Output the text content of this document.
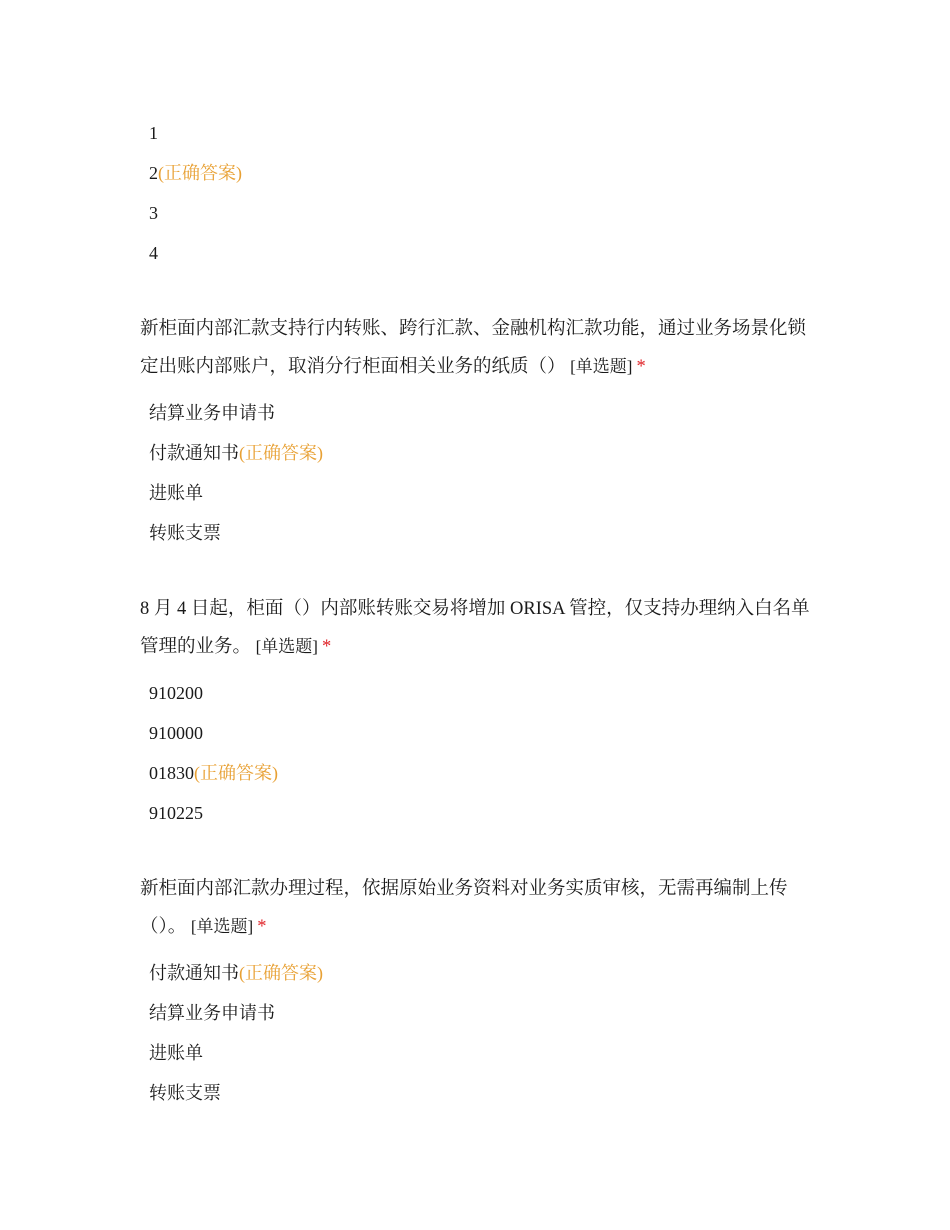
1
2(正确答案)
3
4

新柜面内部汇款支持行内转账、跨行汇款、金融机构汇款功能，通过业务场景化锁定出账内部账户，取消分行柜面相关业务的纸质（） [单选题] *

结算业务申请书
付款通知书(正确答案)
进账单
转账支票

8 月 4 日起，柜面（）内部账转账交易将增加 ORISA 管控，仅支持办理纳入白名单管理的业务。 [单选题] *

910200
910000
01830(正确答案)
910225

新柜面内部汇款办理过程，依据原始业务资料对业务实质审核，无需再编制上传（）。 [单选题] *

付款通知书(正确答案)
结算业务申请书
进账单
转账支票
